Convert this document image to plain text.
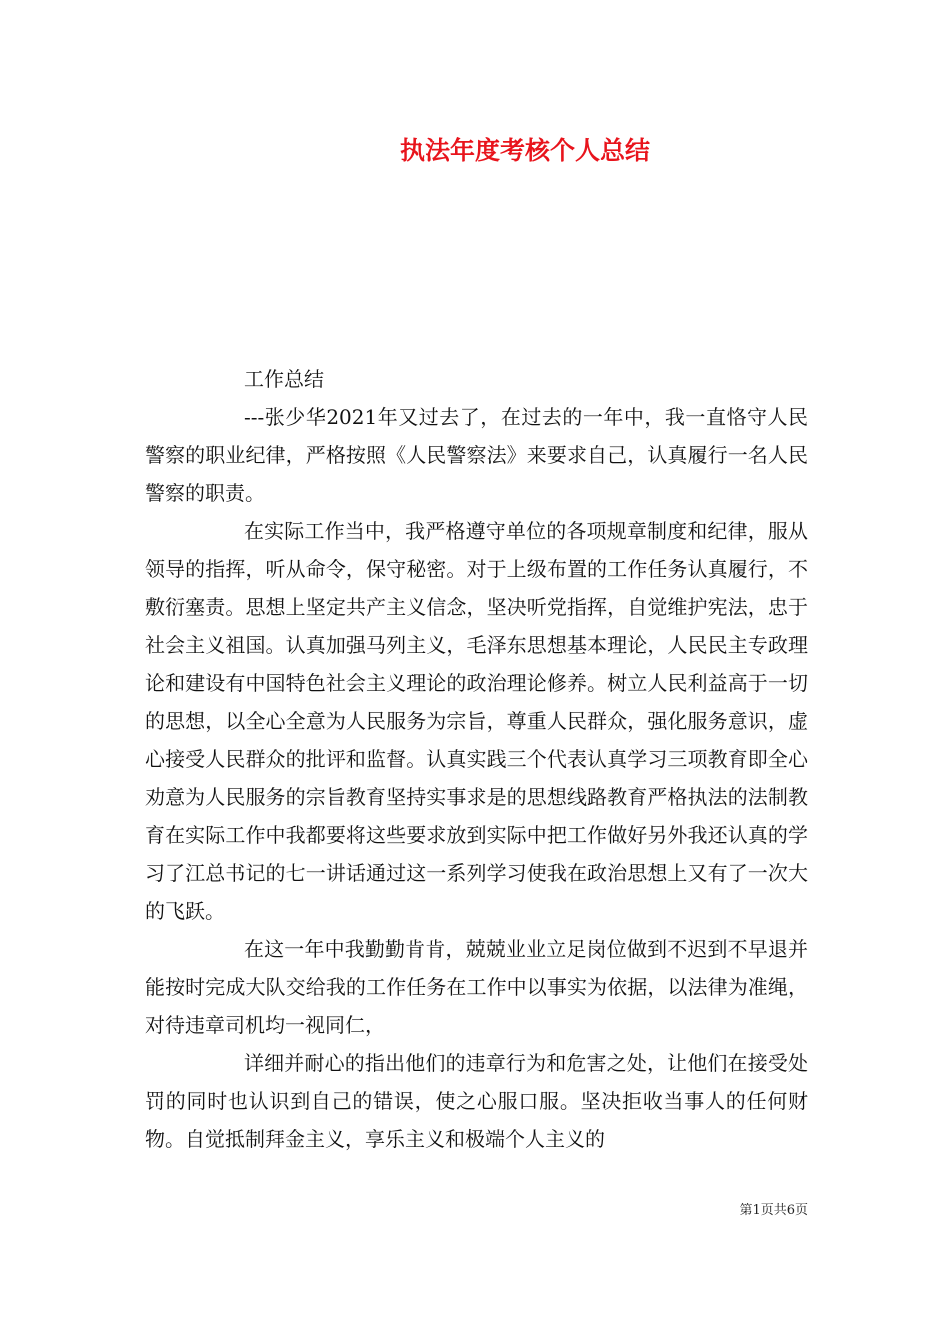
执法年度考核个人总结

工作总结

---张少华2021年又过去了，在过去的一年中，我一直恪守人民警察的职业纪律，严格按照《人民警察法》来要求自己，认真履行一名人民警察的职责。

在实际工作当中，我严格遵守单位的各项规章制度和纪律，服从领导的指挥，听从命令，保守秘密。对于上级布置的工作任务认真履行，不敷衍塞责。思想上坚定共产主义信念，坚决听党指挥，自觉维护宪法，忠于社会主义祖国。认真加强马列主义，毛泽东思想基本理论，人民民主专政理论和建设有中国特色社会主义理论的政治理论修养。树立人民利益高于一切的思想，以全心全意为人民服务为宗旨，尊重人民群众，强化服务意识，虚心接受人民群众的批评和监督。认真实践三个代表认真学习三项教育即全心劝意为人民服务的宗旨教育坚持实事求是的思想线路教育严格执法的法制教育在实际工作中我都要将这些要求放到实际中把工作做好另外我还认真的学习了江总书记的七一讲话通过这一系列学习使我在政治思想上又有了一次大的飞跃。

在这一年中我勤勤肯肯，兢兢业业立足岗位做到不迟到不早退并能按时完成大队交给我的工作任务在工作中以事实为依据，以法律为准绳，对待违章司机均一视同仁，

详细并耐心的指出他们的违章行为和危害之处，让他们在接受处罚的同时也认识到自己的错误，使之心服口服。坚决拒收当事人的任何财物。自觉抵制拜金主义，享乐主义和极端个人主义的

第1页共6页
